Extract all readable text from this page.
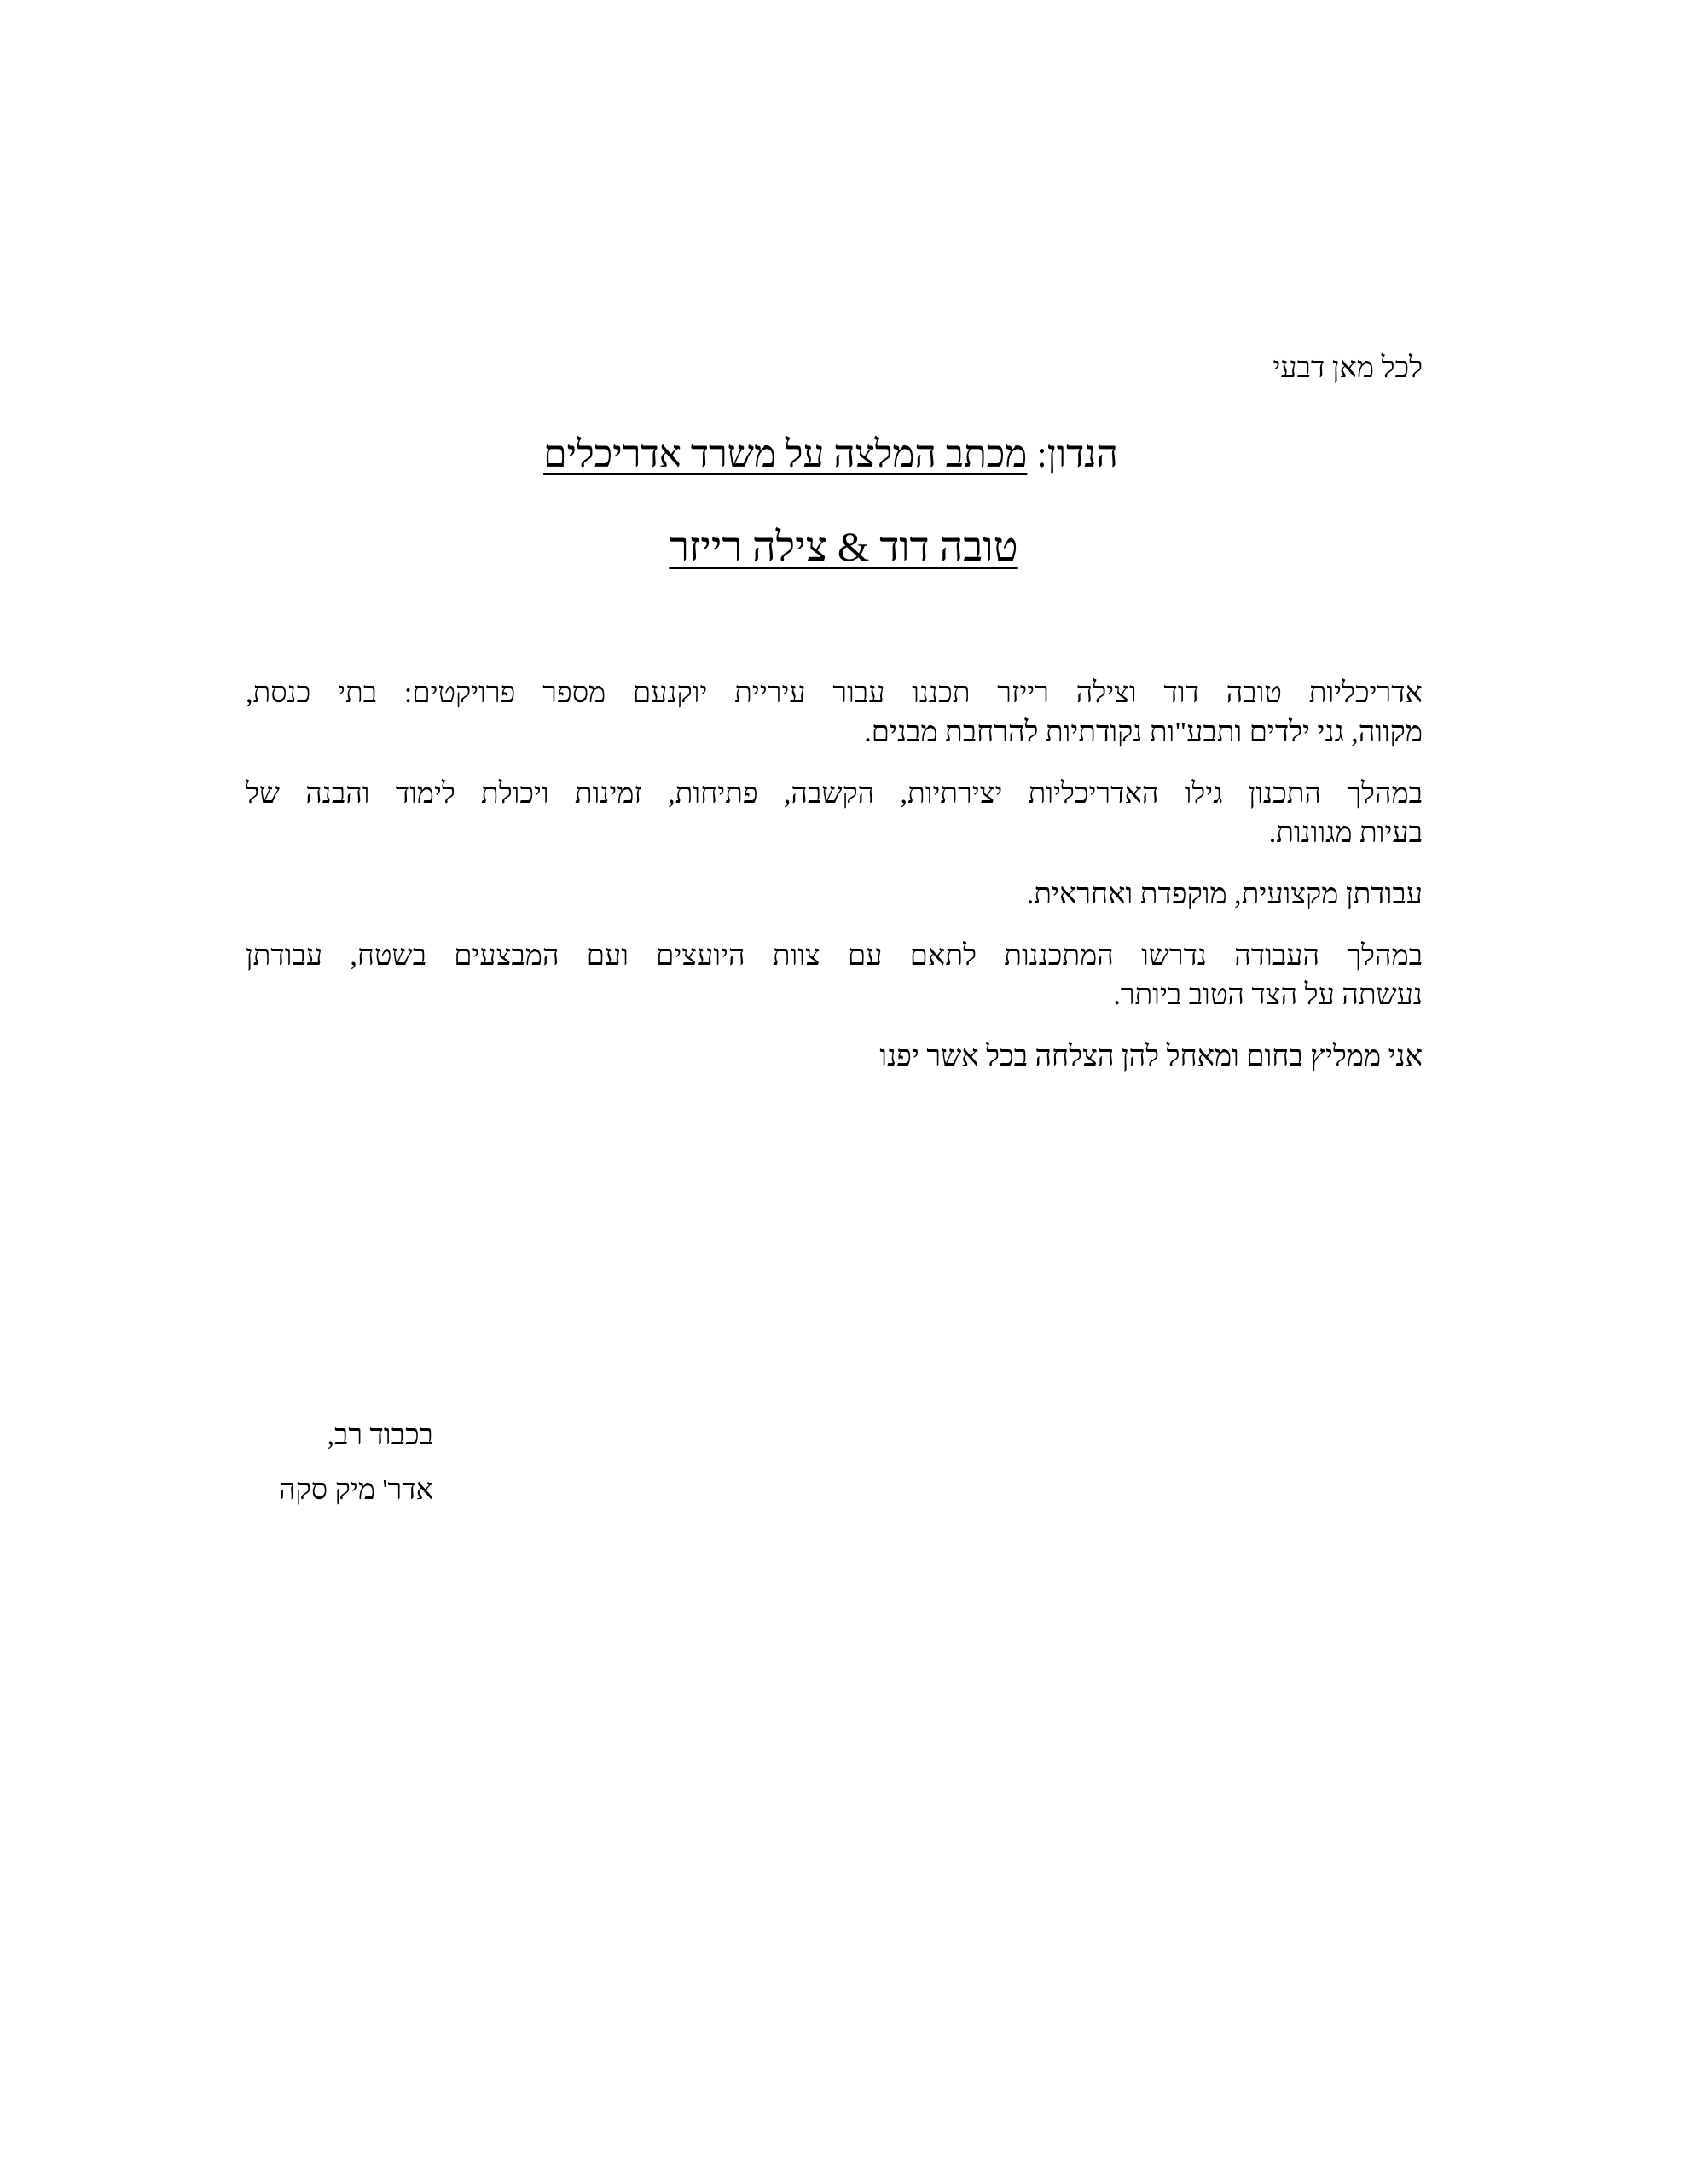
לכל מאן דבעי
הנדון: מכתב המלצה על משרד אדריכלים
טובה דוד & צילה רייזר

אדריכליות טובה דוד וצילה רייזר תכננו עבור עיריית יוקנעם מספר פרויקטים: בתי כנסת,
מקווה, גני ילדים ותבע"ות נקודתיות להרחבת מבנים.

במהלך התכנון גילו האדריכליות יצירתיות, הקשבה, פתיחות, זמינות ויכולת לימוד והבנה של
בעיות מגוונות.

עבודתן מקצועית, מוקפדת ואחראית.

במהלך העבודה נדרשו המתכננות לתאם עם צוות היועצים ועם המבצעים בשטח, עבודתן
נעשתה על הצד הטוב ביותר.

אני ממליץ בחום ומאחל להן הצלחה בכל אשר יפנו

בכבוד רב,
אדר' מיק סקה
